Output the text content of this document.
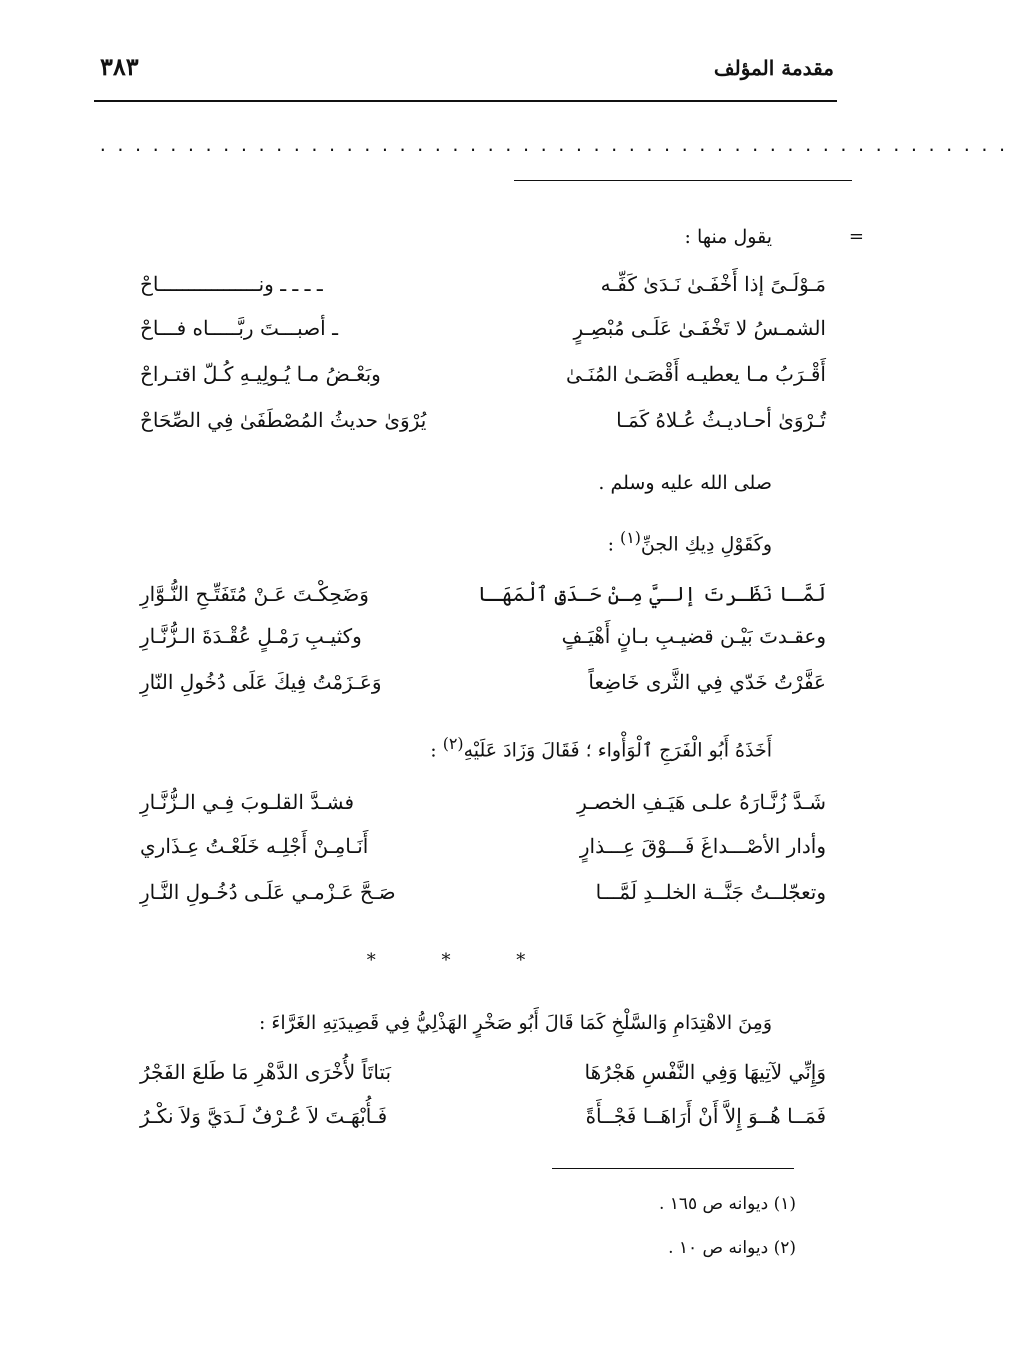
مقدمة المؤلف
٣٨٣
....................................................
=
يقول منها :
مَـوْلَـىً إذا أَخْفَـىٰ نَـدَىٰ كَفِّـه
ـ ـ ـ ـ ونـــــــــــــــــاحْ
الشمـسُ لا تَخْفَـىٰ عَلَـى مُبْصِـرٍ
ـ أصبـــتَ ربَّـــــاه فـــاحْ
أَقْـرَبُ مـا يعطيـه أَقْصَـىٰ المُنَـىٰ
وبَعْـضُ مـا يُـولِيـهِ كُـلّ اقتـراحْ
تُـرْوَىٰ أحـاديـثُ عُـلاهُ كَمَـا
يُرْوَىٰ حديثُ المُصْطَفَىٰ فِي الصِّحَاحْ
صلى الله عليه وسلم .
وكَقَوْلِ دِيكِ الجنِّ$^{(١)}$ :
لَمَّـا نَظَـرتَ إلـيَّ مِـنْ حَـدَقِ ٱلْمَهَـا
وَضَحِكْـتَ عَـنْ مُتَفَتِّـحِ النُّـوَّارِ
وعقـدتَ بَيْـن قضيـبِ بـانٍ أَهْيَـفٍ
وكثيـبِ رَمْـلٍ عُقْـدَةَ الـزُّنَّـارِ
عَفَّرْتُ خَدّي فِي الثَّرى خَاضِعاً
وَعَـزَمْتُ فِيكَ عَلَى دُخُولِ النّارِ
أَخَذَهُ أَبُو الْفَرَجِ ٱلْوَأْواء ؛ فَقَالَ وَزَادَ عَلَيْهِ$^{(٢)}$ :
شَـدَّ زُنَّـارَهُ علـى هَيَـفِ الخصـرِ
فشـدَّ القلـوبَ فِـي الـزُّنَّـارِ
وأدار الأصْـــداغَ فَـــوْقَ عِـــذارٍ
أَنَـامِـنْ أَجْلِـه خَلَعْـتُ عِـذَاري
وتعجّلــتُ جَنَّــة الخلــدِ لَمَّـــا
صَـحَّ عَـزْمـي عَلَـى دُخُـولِ النَّـارِ
* * *
وَمِنَ الاهْتِدَامِ وَالسَّلْخِ كَمَا قَالَ أَبُو صَخْرٍ الهَذْلِيُّ فِي قَصِيدَتِهِ الغَرَّاءَ :
وَإِنِّي لآتِيهَا وَفِي النَّفْسِ هَجْرُهَا
بَتاتَاً لأُخْرَى الدَّهْرِ مَا طَلعَ الفَجْرُ
فَمَــا هُــوَ إِلاَّ أَنْ أَرَاهَــا فَجْــأَةً
فَـأُبْهَـتَ لاَ عُـرْفٌ لَـدَيَّ وَلاَ نكْـرُ
(١) ديوانه ص ١٦٥ .
(٢) ديوانه ص ١٠ .
